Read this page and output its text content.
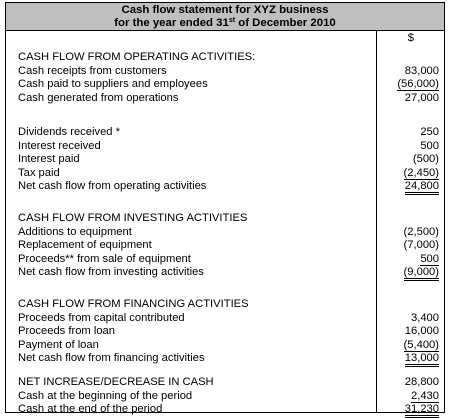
Cash flow statement for XYZ business
for the year ended 31st of December 2010
$
CASH FLOW FROM OPERATING ACTIVITIES:
Cash receipts from customers	83,000
Cash paid to suppliers and employees	(56,000)
Cash generated from operations	27,000
Dividends received *	250
Interest received	500
Interest paid	(500)
Tax paid	(2,450)
Net cash flow from operating activities	24,800
CASH FLOW FROM INVESTING ACTIVITIES
Additions to equipment	(2,500)
Replacement of equipment	(7,000)
Proceeds** from sale of equipment	500
Net cash flow from investing activities	(9,000)
CASH FLOW FROM FINANCING ACTIVITIES
Proceeds from capital contributed	3,400
Proceeds from loan	16,000
Payment of loan	(5,400)
Net cash flow from financing activities	13,000
NET INCREASE/DECREASE IN CASH	28,800
Cash at the beginning of the period	2,430
Cash at the end of the period	31,230
